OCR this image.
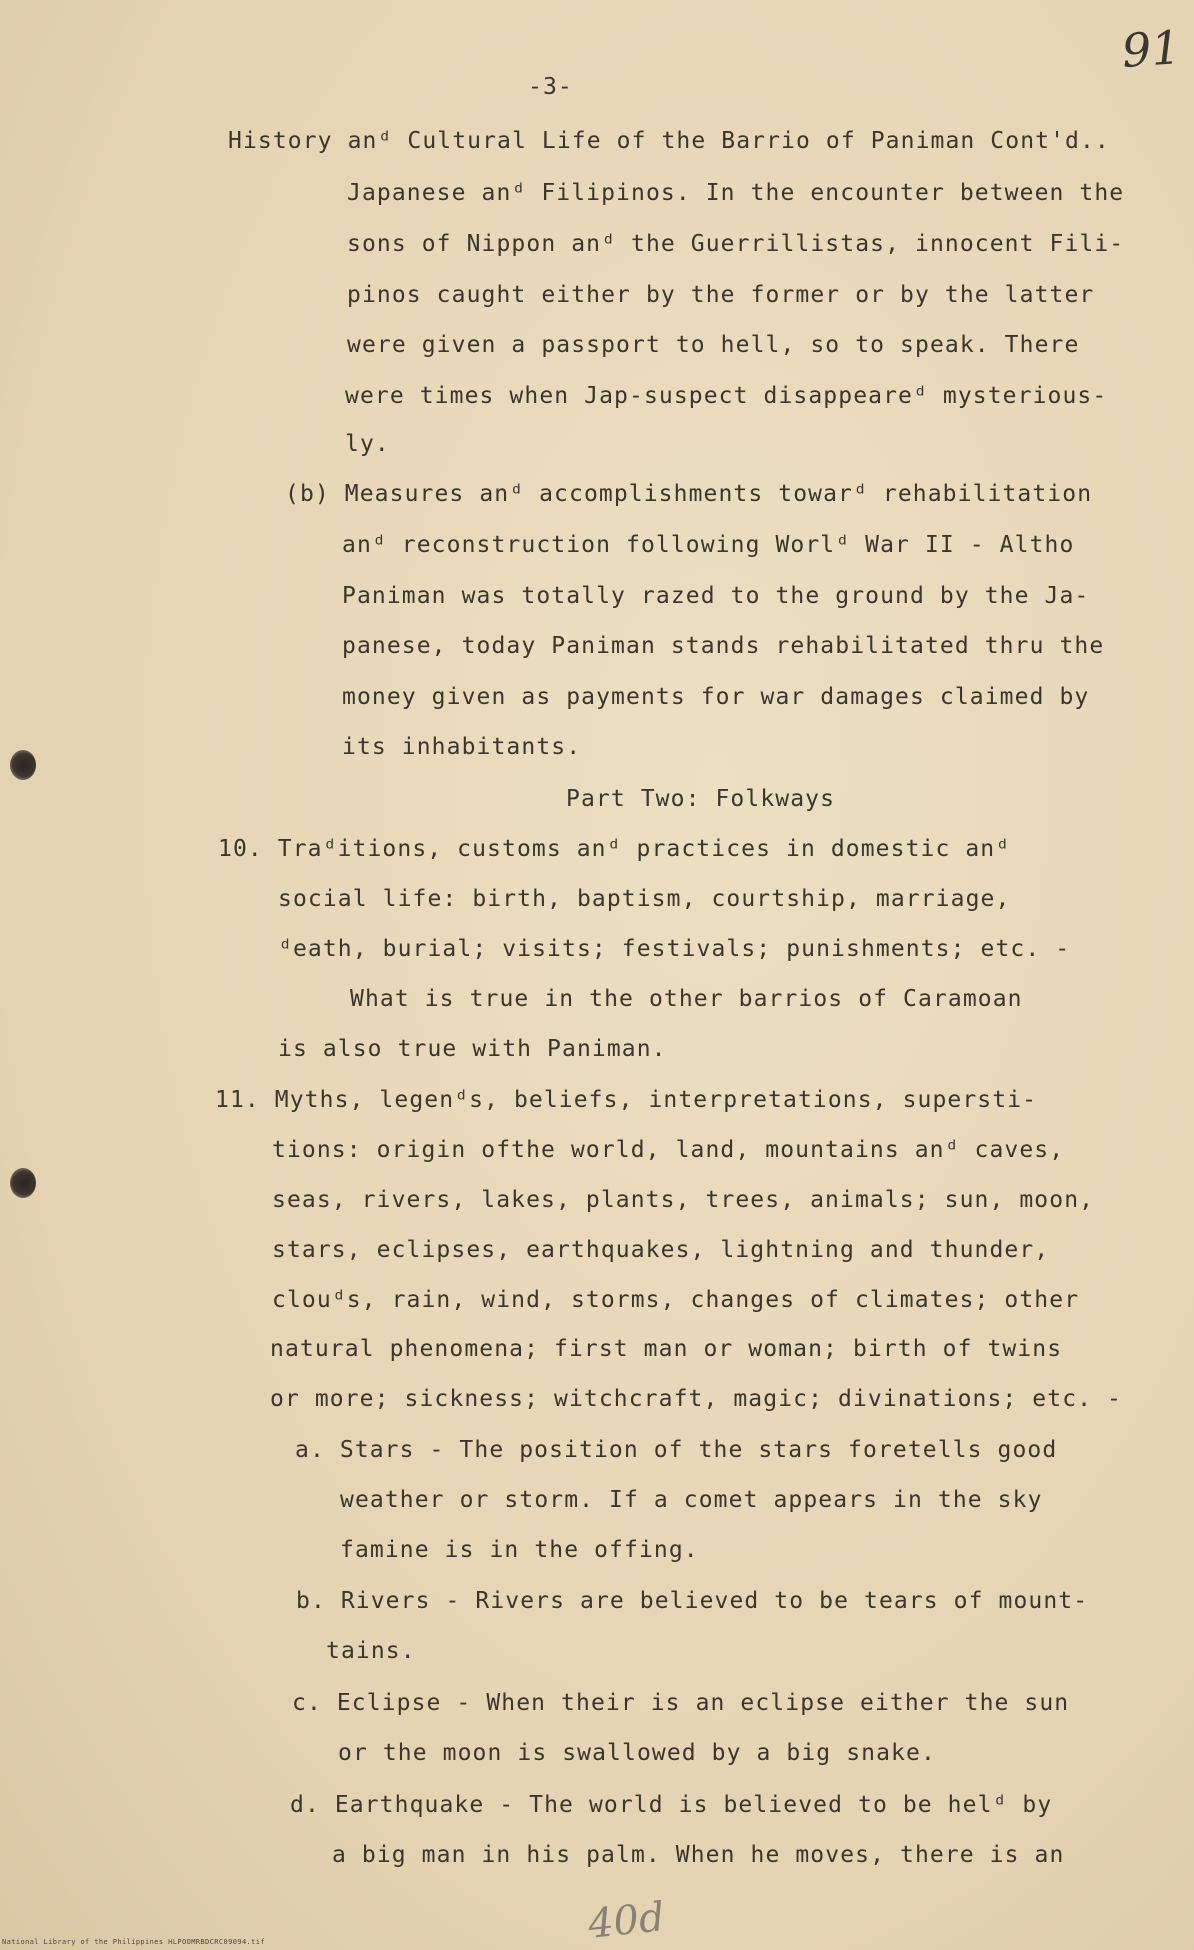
91
-3-
History anᵈ Cultural Life of the Barrio of Paniman Cont'd..
Japanese anᵈ Filipinos. In the encounter between the
sons of Nippon anᵈ the Guerrillistas, innocent Fili-
pinos caught either by the former or by the latter
were given a passport to hell, so to speak. There
were times when Jap-suspect disappeareᵈ mysterious-
ly.
(b) Measures anᵈ accomplishments towarᵈ rehabilitation
anᵈ reconstruction following Worlᵈ War II - Altho
Paniman was totally razed to the ground by the Ja-
panese, today Paniman stands rehabilitated thru the
money given as payments for war damages claimed by
its inhabitants.
Part Two: Folkways
10. Traᵈitions, customs anᵈ practices in domestic anᵈ
social life: birth, baptism, courtship, marriage,
ᵈeath, burial; visits; festivals; punishments; etc. -
What is true in the other barrios of Caramoan
is also true with Paniman.
11. Myths, legenᵈs, beliefs, interpretations, supersti-
tions: origin ofthe world, land, mountains anᵈ caves,
seas, rivers, lakes, plants, trees, animals; sun, moon,
stars, eclipses, earthquakes, lightning and thunder,
clouᵈs, rain, wind, storms, changes of climates; other
natural phenomena; first man or woman; birth of twins
or more; sickness; witchcraft, magic; divinations; etc. -
a. Stars - The position of the stars foretells good
weather or storm. If a comet appears in the sky
famine is in the offing.
b. Rivers - Rivers are believed to be tears of mount-
tains.
c. Eclipse - When their is an eclipse either the sun
or the moon is swallowed by a big snake.
d. Earthquake - The world is believed to be helᵈ by
a big man in his palm. When he moves, there is an
40d
National Library of the Philippines HLPOOMRBDCRC09094.tif
